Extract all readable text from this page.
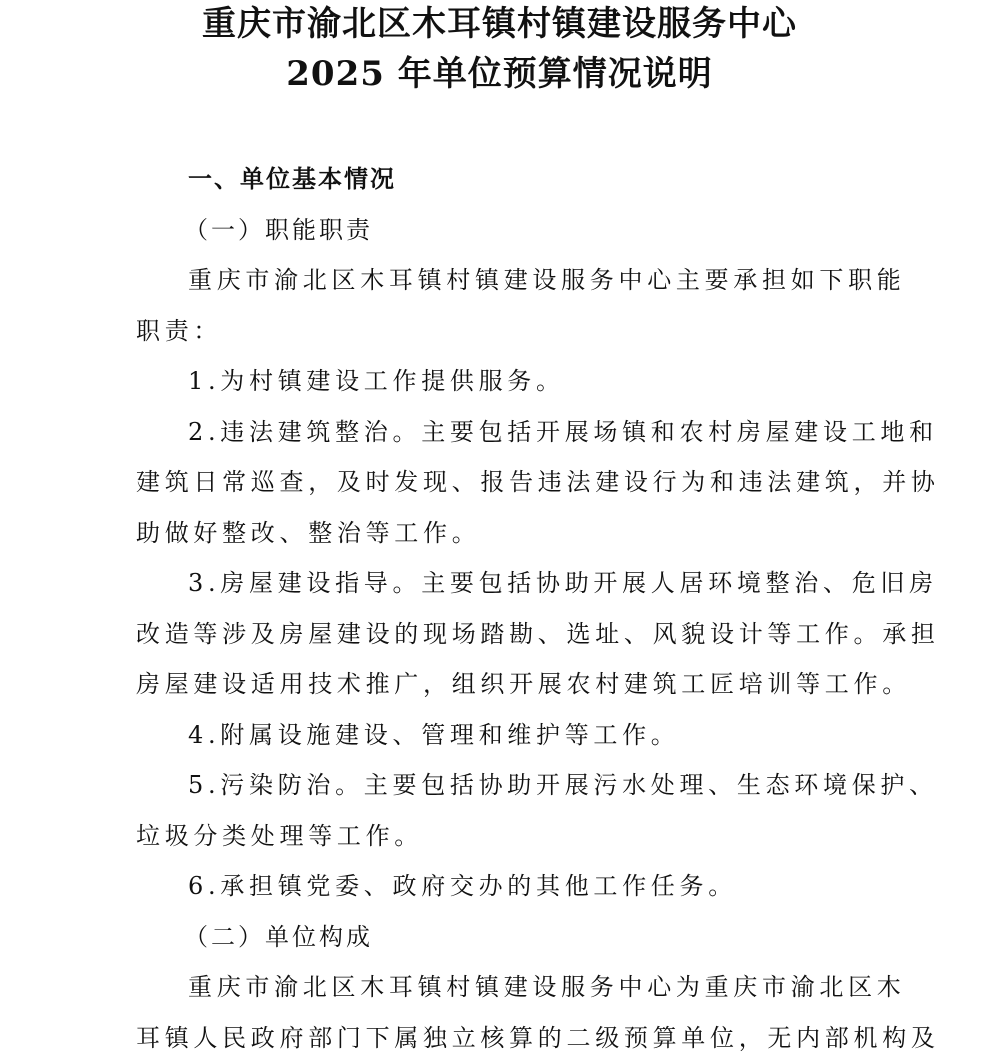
重庆市渝北区木耳镇村镇建设服务中心
2025 年单位预算情况说明

一、单位基本情况

（一）职能职责

重庆市渝北区木耳镇村镇建设服务中心主要承担如下职能

职责：

1.为村镇建设工作提供服务。

2.违法建筑整治。主要包括开展场镇和农村房屋建设工地和

建筑日常巡查，及时发现、报告违法建设行为和违法建筑，并协

助做好整改、整治等工作。

3.房屋建设指导。主要包括协助开展人居环境整治、危旧房

改造等涉及房屋建设的现场踏勘、选址、风貌设计等工作。承担

房屋建设适用技术推广，组织开展农村建筑工匠培训等工作。

4.附属设施建设、管理和维护等工作。

5.污染防治。主要包括协助开展污水处理、生态环境保护、

垃圾分类处理等工作。

6.承担镇党委、政府交办的其他工作任务。

（二）单位构成

重庆市渝北区木耳镇村镇建设服务中心为重庆市渝北区木

耳镇人民政府部门下属独立核算的二级预算单位，无内部机构及
